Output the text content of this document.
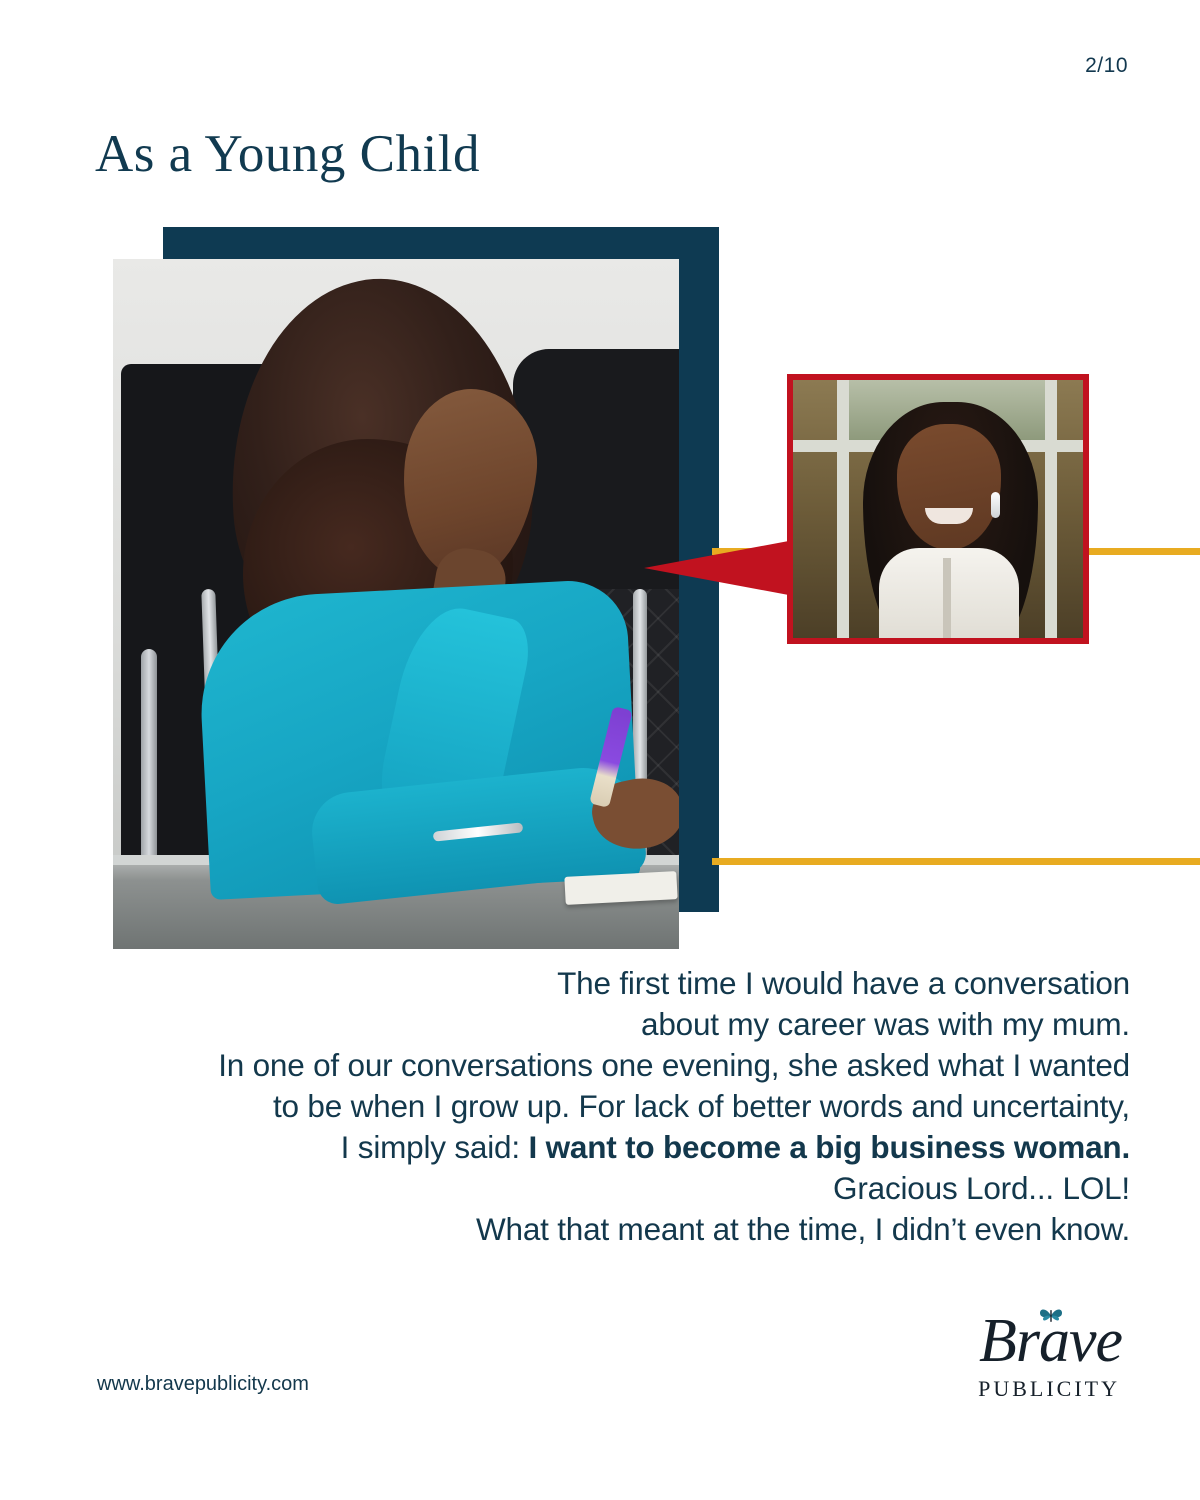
2/10
As a Young Child
The first time I would have a conversation
about my career was with my mum.
In one of our conversations one evening, she asked what I wanted
to be when I grow up. For lack of better words and uncertainty,
I simply said: I want to become a big business woman.
Gracious Lord... LOL!
What that meant at the time, I didn’t even know.
www.bravepublicity.com
Brave
PUBLICITY
